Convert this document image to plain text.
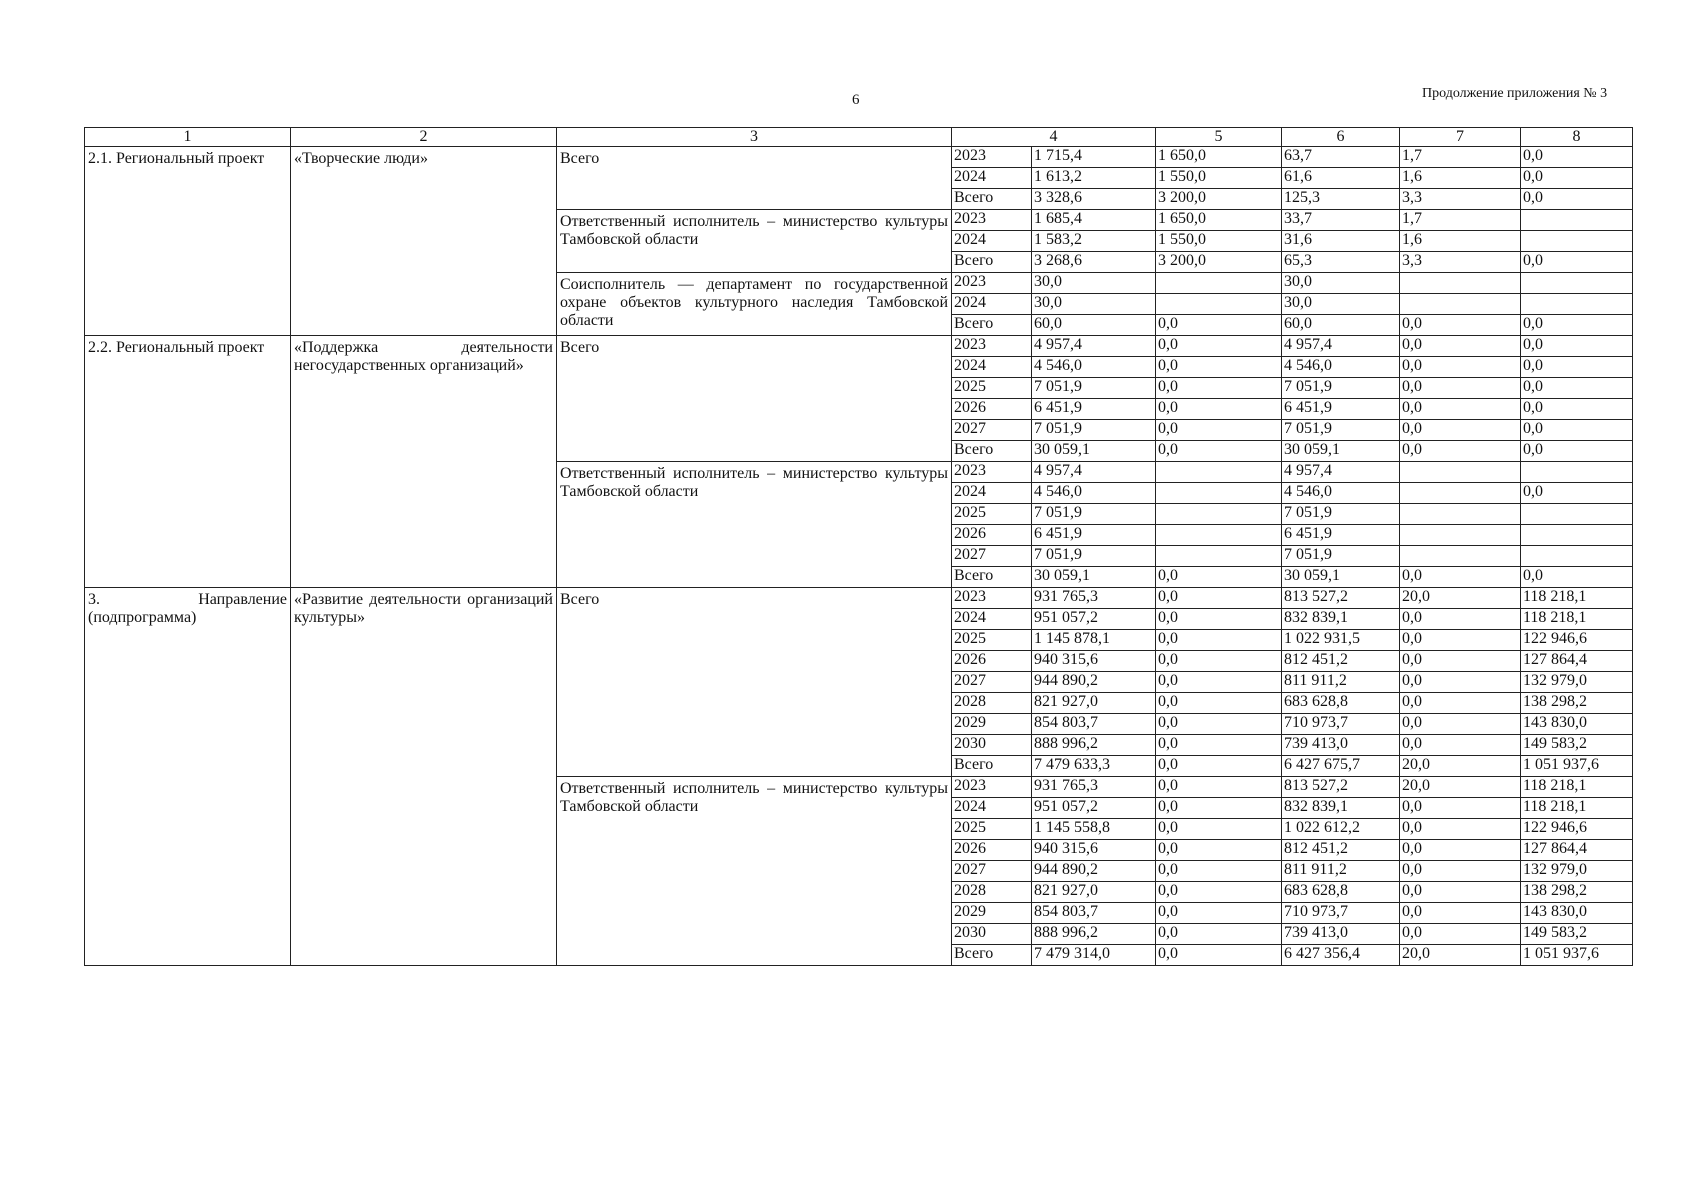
6	Продолжение приложения № 3
1	2	3	4		5	6	7	8
2.1. Региональный проект	«Творческие люди»	Всего	2023	1 715,4	1 650,0	63,7	1,7	0,0
			2024	1 613,2	1 550,0	61,6	1,6	0,0
			Всего	3 328,6	3 200,0	125,3	3,3	0,0
		Ответственный исполнитель – министерство культуры Тамбовской области	2023	1 685,4	1 650,0	33,7	1,7	
			2024	1 583,2	1 550,0	31,6	1,6	
			Всего	3 268,6	3 200,0	65,3	3,3	0,0
		Соисполнитель — департамент по государственной охране объектов культурного наследия Тамбовской области	2023	30,0		30,0		
			2024	30,0		30,0		
			Всего	60,0	0,0	60,0	0,0	0,0
2.2. Региональный проект	«Поддержка деятельности негосударственных организаций»	Всего	2023	4 957,4	0,0	4 957,4	0,0	0,0
			2024	4 546,0	0,0	4 546,0	0,0	0,0
			2025	7 051,9	0,0	7 051,9	0,0	0,0
			2026	6 451,9	0,0	6 451,9	0,0	0,0
			2027	7 051,9	0,0	7 051,9	0,0	0,0
			Всего	30 059,1	0,0	30 059,1	0,0	0,0
		Ответственный исполнитель – министерство культуры Тамбовской области	2023	4 957,4		4 957,4		
			2024	4 546,0		4 546,0		0,0
			2025	7 051,9		7 051,9		
			2026	6 451,9		6 451,9		
			2027	7 051,9		7 051,9		
			Всего	30 059,1	0,0	30 059,1	0,0	0,0
3. Направление (подпрограмма)	«Развитие деятельности организаций культуры»	Всего	2023	931 765,3	0,0	813 527,2	20,0	118 218,1
			2024	951 057,2	0,0	832 839,1	0,0	118 218,1
			2025	1 145 878,1	0,0	1 022 931,5	0,0	122 946,6
			2026	940 315,6	0,0	812 451,2	0,0	127 864,4
			2027	944 890,2	0,0	811 911,2	0,0	132 979,0
			2028	821 927,0	0,0	683 628,8	0,0	138 298,2
			2029	854 803,7	0,0	710 973,7	0,0	143 830,0
			2030	888 996,2	0,0	739 413,0	0,0	149 583,2
			Всего	7 479 633,3	0,0	6 427 675,7	20,0	1 051 937,6
		Ответственный исполнитель – министерство культуры Тамбовской области	2023	931 765,3	0,0	813 527,2	20,0	118 218,1
			2024	951 057,2	0,0	832 839,1	0,0	118 218,1
			2025	1 145 558,8	0,0	1 022 612,2	0,0	122 946,6
			2026	940 315,6	0,0	812 451,2	0,0	127 864,4
			2027	944 890,2	0,0	811 911,2	0,0	132 979,0
			2028	821 927,0	0,0	683 628,8	0,0	138 298,2
			2029	854 803,7	0,0	710 973,7	0,0	143 830,0
			2030	888 996,2	0,0	739 413,0	0,0	149 583,2
			Всего	7 479 314,0	0,0	6 427 356,4	20,0	1 051 937,6
